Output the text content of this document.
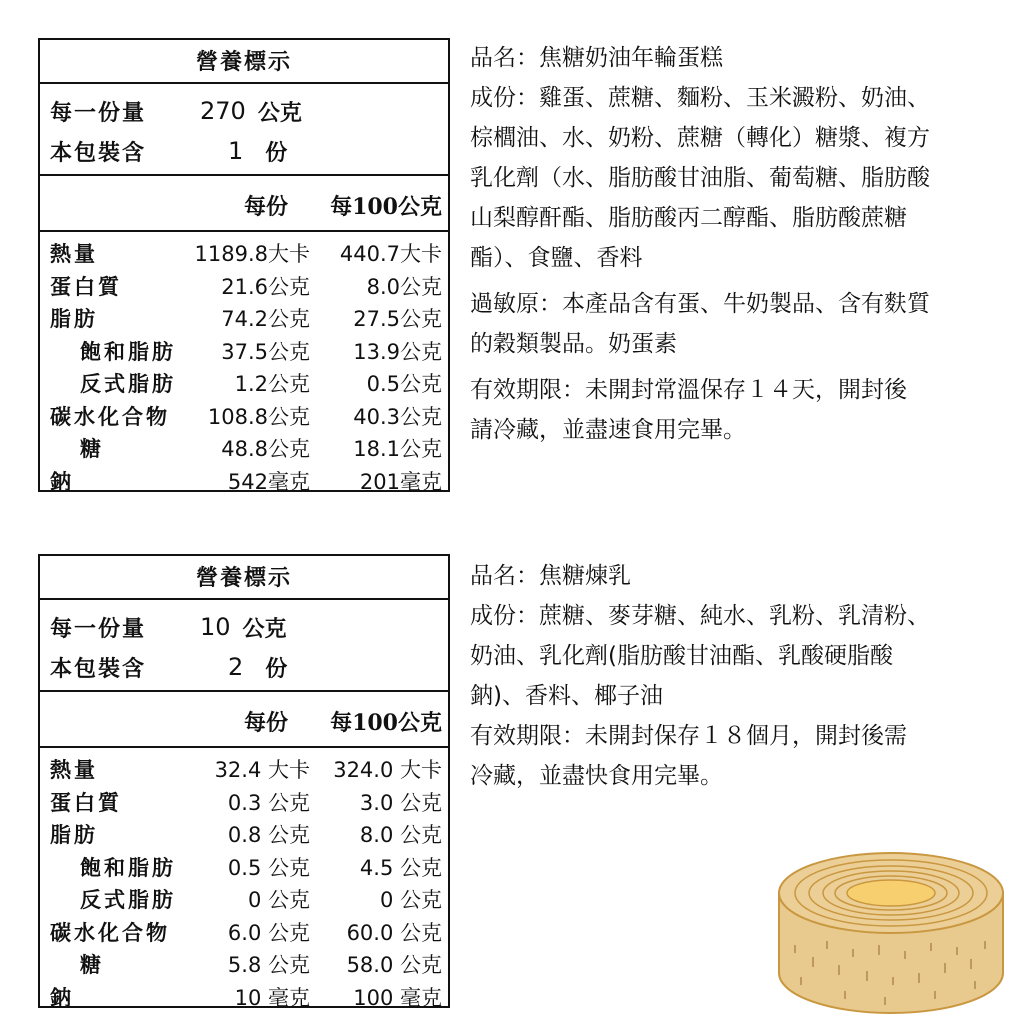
營養標示
每一份量	270 公克
本包裝含	1 份
每份 每100公克
熱量	1189.8大卡 440.7大卡
蛋白質	21.6公克	8.0公克
脂肪	74.2公克 27.5公克
飽和脂肪 37.5公克 13.9公克
反式脂肪	1.2公克	0.5公克
碳水化合物 108.8公克 40.3公克
糖	48.8公克 18.1公克
鈉	542毫克 201毫克

品名：焦糖奶油年輪蛋糕

成份：雞蛋、蔗糖、麵粉、玉米澱粉、奶油、

棕櫚油、水、奶粉、蔗糖（轉化）糖漿、複方

乳化劑（水、脂肪酸甘油脂、葡萄糖、脂肪酸

山梨醇酐酯、脂肪酸丙二醇酯、脂肪酸蔗糖

酯）、食鹽、香料

過敏原：本產品含有蛋、牛奶製品、含有麩質

的穀類製品。奶蛋素

有效期限：未開封常溫保存１４天，開封後

請冷藏，並盡速食用完畢。

營養標示
每一份量	10 公克
本包裝含	2 份
每份 每100公克
熱量	32.4 大卡 324.0 大卡
蛋白質	0.3 公克 3.0 公克
脂肪	0.8 公克 8.0 公克
飽和脂肪 0.5 公克 4.5 公克
反式脂肪	0 公克	0 公克
碳水化合物	6.0 公克 60.0 公克
糖	5.8 公克 58.0 公克
鈉	10 毫克 100 毫克

品名：焦糖煉乳

成份：蔗糖、麥芽糖、純水、乳粉、乳清粉、

奶油、乳化劑(脂肪酸甘油酯、乳酸硬脂酸

鈉)、香料、椰子油

有效期限：未開封保存１８個月，開封後需

冷藏，並盡快食用完畢。
